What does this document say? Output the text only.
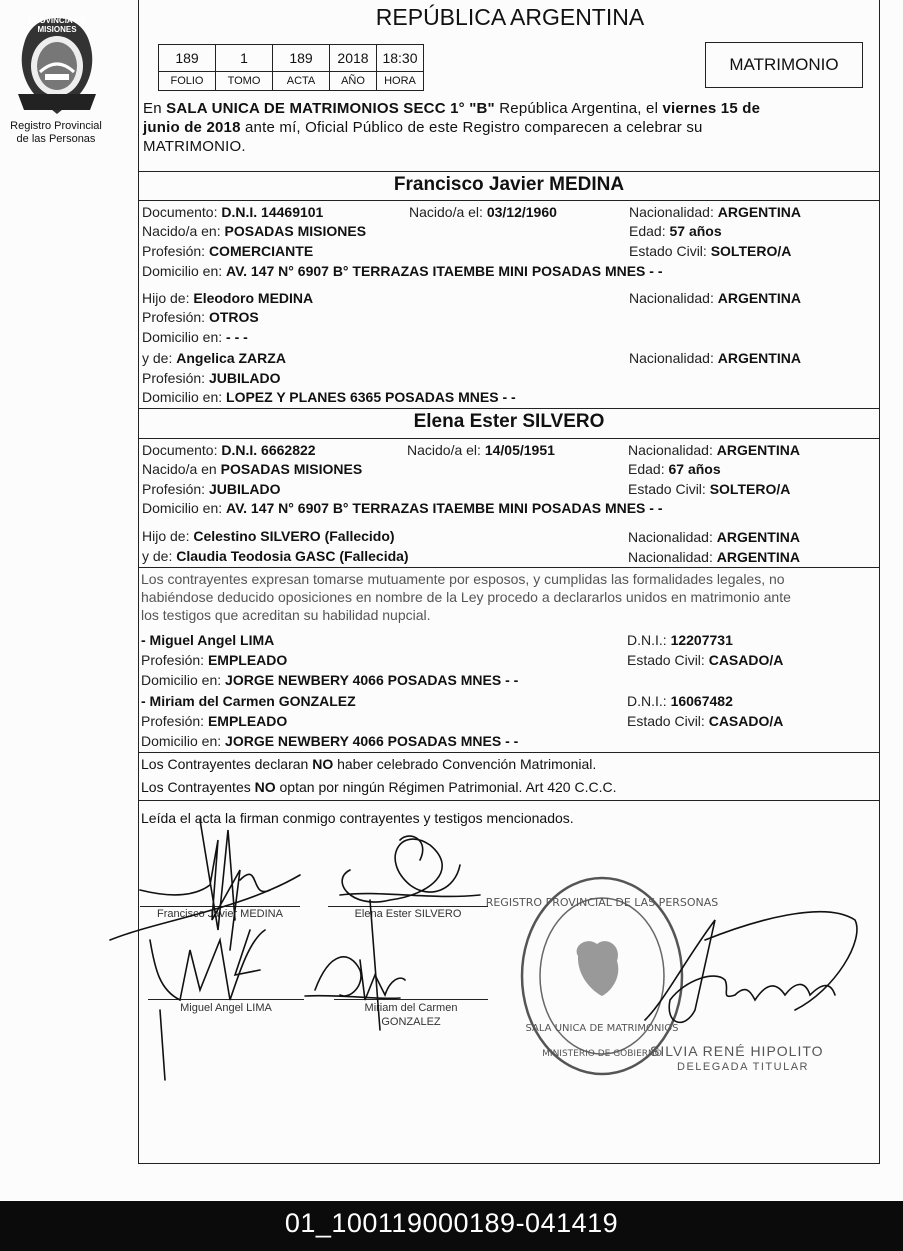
PROVINCIA DE MISIONES
Registro Provincial
de las Personas
REPÚBLICA ARGENTINA
189	1	189	2018	18:30
FOLIO	TOMO	ACTA	AÑO	HORA
MATRIMONIO
En SALA UNICA DE MATRIMONIOS SECC 1° "B" República Argentina, el viernes 15 de
junio de 2018 ante mí, Oficial Público de este Registro comparecen a celebrar su
MATRIMONIO.
Francisco Javier MEDINA
Documento: D.N.I. 14469101	Nacido/a el: 03/12/1960	Nacionalidad: ARGENTINA
Nacido/a en: POSADAS MISIONES	Edad: 57 años
Profesión: COMERCIANTE	Estado Civil: SOLTERO/A
Domicilio en: AV. 147 N° 6907 B° TERRAZAS ITAEMBE MINI POSADAS MNES - -
Hijo de: Eleodoro MEDINA	Nacionalidad: ARGENTINA
Profesión: OTROS
Domicilio en: - - -
y de: Angelica ZARZA	Nacionalidad: ARGENTINA
Profesión: JUBILADO
Domicilio en: LOPEZ Y PLANES 6365 POSADAS MNES - -
Elena Ester SILVERO
Documento: D.N.I. 6662822	Nacido/a el: 14/05/1951	Nacionalidad: ARGENTINA
Nacido/a en POSADAS MISIONES	Edad: 67 años
Profesión: JUBILADO	Estado Civil: SOLTERO/A
Domicilio en: AV. 147 N° 6907 B° TERRAZAS ITAEMBE MINI POSADAS MNES - -
Hijo de: Celestino SILVERO (Fallecido)	Nacionalidad: ARGENTINA
y de: Claudia Teodosia GASC (Fallecida)	Nacionalidad: ARGENTINA
Los contrayentes expresan tomarse mutuamente por esposos, y cumplidas las formalidades legales, no
habiéndose deducido oposiciones en nombre de la Ley procedo a declararlos unidos en matrimonio ante
los testigos que acreditan su habilidad nupcial.
- Miguel Angel LIMA	D.N.I.: 12207731
Profesión: EMPLEADO	Estado Civil: CASADO/A
Domicilio en: JORGE NEWBERY 4066 POSADAS MNES - -
- Miriam del Carmen GONZALEZ	D.N.I.: 16067482
Profesión: EMPLEADO	Estado Civil: CASADO/A
Domicilio en: JORGE NEWBERY 4066 POSADAS MNES - -
Los Contrayentes declaran NO haber celebrado Convención Matrimonial.
Los Contrayentes NO optan por ningún Régimen Patrimonial. Art 420 C.C.C.
Leída el acta la firman conmigo contrayentes y testigos mencionados.
Francisco Javier MEDINA	Elena Ester SILVERO
Miguel Angel LIMA	Miriam del Carmen
GONZALEZ
REGISTRO PROVINCIAL DE LAS PERSONAS
SALA UNICA DE MATRIMONIOS
MINISTERIO DE GOBIERNO
SILVIA RENÉ HIPOLITO
DELEGADA TITULAR
01_100119000189-041419
